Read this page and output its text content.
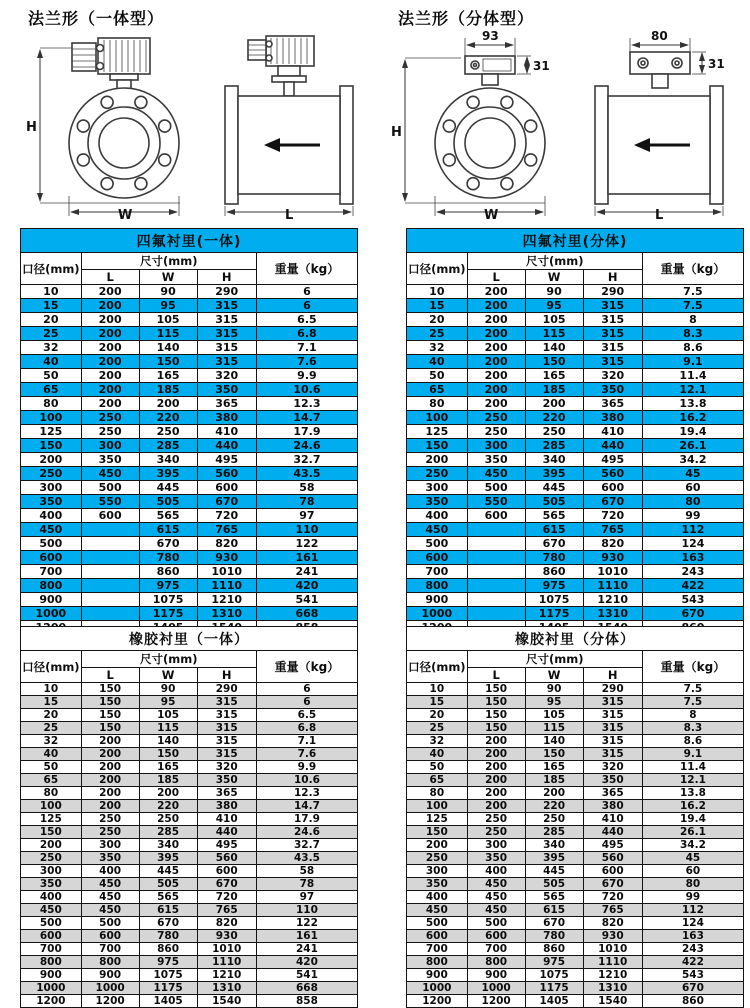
法兰形（一体型）	法兰形（分体型）
H
W	L
93
31
H
W
80
31
L
四氟衬里(一体)				
口径(mm)	尺寸(mm)			重量（kg）
	L	W	H	
10	200	90	290	6
15	200	95	315	6
20	200	105	315	6.5
25	200	115	315	6.8
32	200	140	315	7.1
40	200	150	315	7.6
50	200	165	320	9.9
65	200	185	350	10.6
80	200	200	365	12.3
100	250	220	380	14.7
125	250	250	410	17.9
150	300	285	440	24.6
200	350	340	495	32.7
250	450	395	560	43.5
300	500	445	600	58
350	550	505	670	78
400	600	565	720	97
450		615	765	110
500		670	820	122
600		780	930	161
700		860	1010	241
800		975	1110	420
900		1075	1210	541
1000		1175	1310	668

四氟衬里(分体)				
口径(mm)	尺寸(mm)			重量（kg）
	L	W	H	
10	200	90	290	7.5
15	200	95	315	7.5
20	200	105	315	8
25	200	115	315	8.3
32	200	140	315	8.6
40	200	150	315	9.1
50	200	165	320	11.4
65	200	185	350	12.1
80	200	200	365	13.8
100	250	220	380	16.2
125	250	250	410	19.4
150	300	285	440	26.1
200	350	340	495	34.2
250	450	395	560	45
300	500	445	600	60
350	550	505	670	80
400	600	565	720	99
450		615	765	112
500		670	820	124
600		780	930	163
700		860	1010	243
800		975	1110	422
900		1075	1210	543
1000		1175	1310	670

橡胶衬里（一体）				
口径(mm)	尺寸(mm)			重量（kg）
	L	W	H	
10	150	90	290	6
15	150	95	315	6
20	150	105	315	6.5
25	150	115	315	6.8
32	200	140	315	7.1
40	200	150	315	7.6
50	200	165	320	9.9
65	200	185	350	10.6
80	200	200	365	12.3
100	200	220	380	14.7
125	250	250	410	17.9
150	250	285	440	24.6
200	300	340	495	32.7
250	350	395	560	43.5
300	400	445	600	58
350	450	505	670	78
400	450	565	720	97
450	450	615	765	110
500	500	670	820	122
600	600	780	930	161
700	700	860	1010	241
800	800	975	1110	420
900	900	1075	1210	541
1000	1000	1175	1310	668
1200	1200	1405	1540	858
橡胶衬里（分体）				
口径(mm)	尺寸(mm)			重量（kg）
	L	W	H	
10	150	90	290	7.5
15	150	95	315	7.5
20	150	105	315	8
25	150	115	315	8.3
32	200	140	315	8.6
40	200	150	315	9.1
50	200	165	320	11.4
65	200	185	350	12.1
80	200	200	365	13.8
100	200	220	380	16.2
125	250	250	410	19.4
150	250	285	440	26.1
200	300	340	495	34.2
250	350	395	560	45
300	400	445	600	60
350	450	505	670	80
400	450	565	720	99
450	450	615	765	112
500	500	670	820	124
600	600	780	930	163
700	700	860	1010	243
800	800	975	1110	422
900	900	1075	1210	543
1000	1000	1175	1310	670
1200	1200	1405	1540	860
